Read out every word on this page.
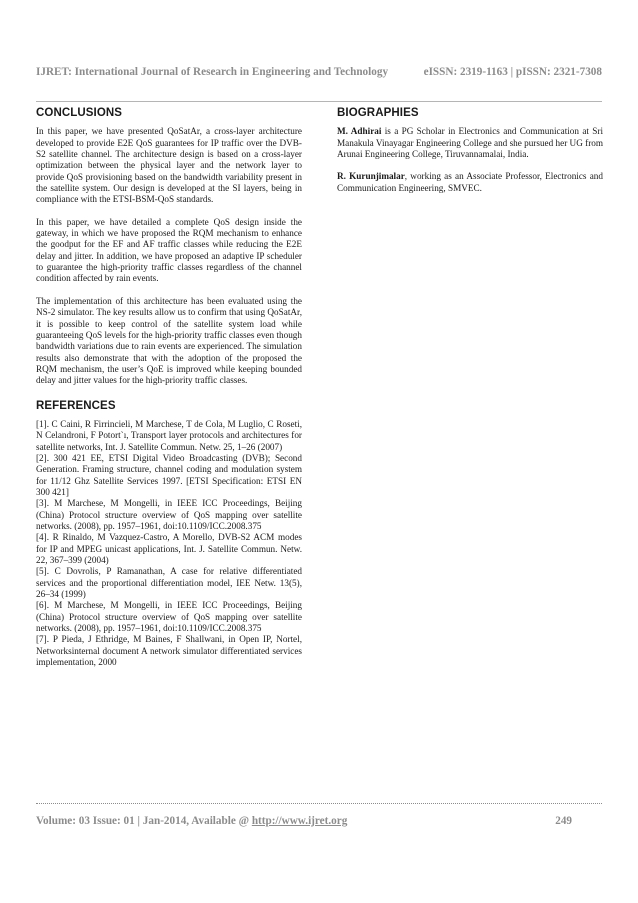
IJRET: International Journal of Research in Engineering and Technology	eISSN: 2319-1163 | pISSN: 2321-7308
CONCLUSIONS

In this paper, we have presented QoSatAr, a cross-layer architecture developed to provide E2E QoS guarantees for IP traffic over the DVB-S2 satellite channel. The architecture design is based on a cross-layer optimization between the physical layer and the network layer to provide QoS provisioning based on the bandwidth variability present in the satellite system. Our design is developed at the SI layers, being in compliance with the ETSI-BSM-QoS standards.

In this paper, we have detailed a complete QoS design inside the gateway, in which we have proposed the RQM mechanism to enhance the goodput for the EF and AF traffic classes while reducing the E2E delay and jitter. In addition, we have proposed an adaptive IP scheduler to guarantee the high-priority traffic classes regardless of the channel condition affected by rain events.

The implementation of this architecture has been evaluated using the NS-2 simulator. The key results allow us to confirm that using QoSatAr, it is possible to keep control of the satellite system load while guaranteeing QoS levels for the high-priority traffic classes even though bandwidth variations due to rain events are experienced. The simulation results also demonstrate that with the adoption of the proposed the RQM mechanism, the user’s QoE is improved while keeping bounded delay and jitter values for the high-priority traffic classes.

REFERENCES

[1]. C Caini, R Firrincieli, M Marchese, T de Cola, M Luglio, C Roseti, N Celandroni, F Potort`ı, Transport layer protocols and architectures for satellite networks, Int. J. Satellite Commun. Netw. 25, 1–26 (2007)

[2]. 300 421 EE, ETSI Digital Video Broadcasting (DVB); Second Generation. Framing structure, channel coding and modulation system for 11/12 Ghz Satellite Services 1997. [ETSI Specification: ETSI EN 300 421]

[3]. M Marchese, M Mongelli, in IEEE ICC Proceedings, Beijing (China) Protocol structure overview of QoS mapping over satellite networks. (2008), pp. 1957–1961, doi:10.1109/ICC.2008.375

[4]. R Rinaldo, M Vazquez-Castro, A Morello, DVB-S2 ACM modes for IP and MPEG unicast applications, Int. J. Satellite Commun. Netw. 22, 367–399 (2004)

[5]. C Dovrolis, P Ramanathan, A case for relative differentiated services and the proportional differentiation model, IEE Netw. 13(5), 26–34 (1999)

[6]. M Marchese, M Mongelli, in IEEE ICC Proceedings, Beijing (China) Protocol structure overview of QoS mapping over satellite networks. (2008), pp. 1957–1961, doi:10.1109/ICC.2008.375

[7]. P Pieda, J Ethridge, M Baines, F Shallwani, in Open IP, Nortel, Networksinternal document A network simulator differentiated services implementation, 2000

BIOGRAPHIES

M. Adhirai is a PG Scholar in Electronics and Communication at Sri Manakula Vinayagar Engineering College and she pursued her UG from Arunai Engineering College, Tiruvannamalai, India.

R. Kurunjimalar, working as an Associate Professor, Electronics and Communication Engineering, SMVEC.

Volume: 03 Issue: 01 | Jan-2014, Available @ http://www.ijret.org	249
